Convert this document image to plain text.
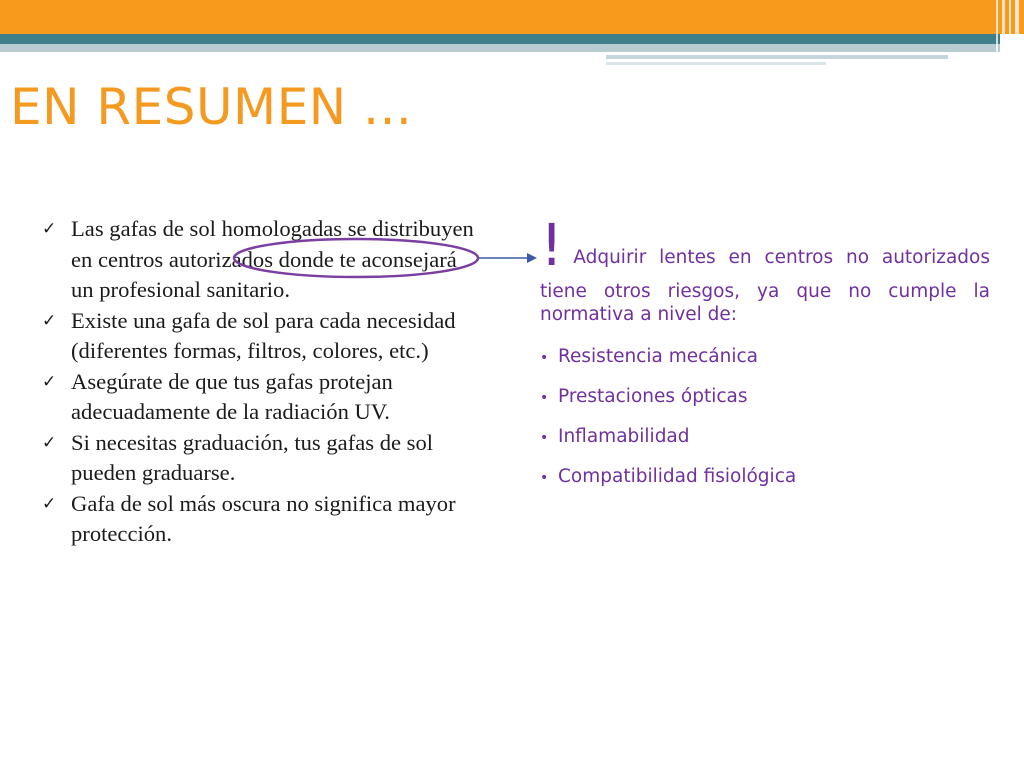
EN RESUMEN ...
✓ Las gafas de sol homologadas se distribuyen en centros autorizados donde te aconsejará un profesional sanitario.
✓ Existe una gafa de sol para cada necesidad (diferentes formas, filtros, colores, etc.)
✓ Asegúrate de que tus gafas protejan adecuadamente de la radiación UV.
✓ Si necesitas graduación, tus gafas de sol pueden graduarse.
✓ Gafa de sol más oscura no significa mayor protección.

! Adquirir lentes en centros no autorizados tiene otros riesgos, ya que no cumple la
normativa a nivel de:

• Resistencia mecánica
• Prestaciones ópticas
• Inflamabilidad
• Compatibilidad fisiológica
